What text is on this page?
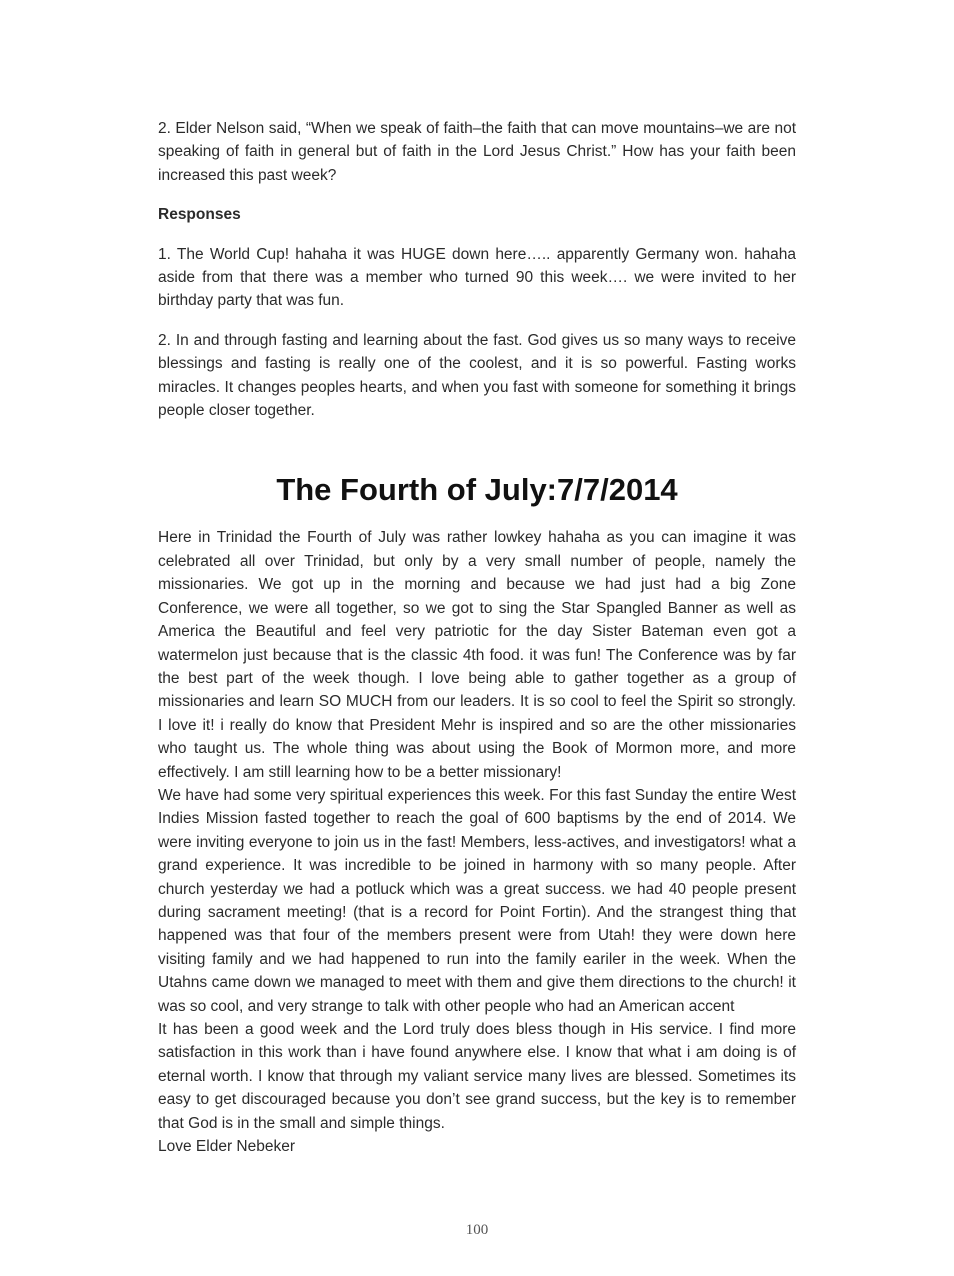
2. Elder Nelson said, “When we speak of faith–the faith that can move mountains–we are not speaking of faith in general but of faith in the Lord Jesus Christ.” How has your faith been increased this past week?

Responses

1. The World Cup! hahaha it was HUGE down here….. apparently Germany won. hahaha aside from that there was a member who turned 90 this week…. we were invited to her birthday party that was fun.

2. In and through fasting and learning about the fast. God gives us so many ways to receive blessings and fasting is really one of the coolest, and it is so powerful. Fasting works miracles. It changes peoples hearts, and when you fast with someone for something it brings people closer together.

The Fourth of July:7/7/2014

Here in Trinidad the Fourth of July was rather lowkey hahaha as you can imagine it was celebrated all over Trinidad, but only by a very small number of people, namely the missionaries. We got up in the morning and because we had just had a big Zone Conference, we were all together, so we got to sing the Star Spangled Banner as well as America the Beautiful and feel very patriotic for the day Sister Bateman even got a watermelon just because that is the classic 4th food. it was fun! The Conference was by far the best part of the week though. I love being able to gather together as a group of missionaries and learn SO MUCH from our leaders. It is so cool to feel the Spirit so strongly. I love it! i really do know that President Mehr is inspired and so are the other missionaries who taught us. The whole thing was about using the Book of Mormon more, and more effectively. I am still learning how to be a better missionary!

We have had some very spiritual experiences this week. For this fast Sunday the entire West Indies Mission fasted together to reach the goal of 600 baptisms by the end of 2014. We were inviting everyone to join us in the fast! Members, less-actives, and investigators! what a grand experience. It was incredible to be joined in harmony with so many people. After church yesterday we had a potluck which was a great success. we had 40 people present during sacrament meeting! (that is a record for Point Fortin). And the strangest thing that happened was that four of the members present were from Utah! they were down here visiting family and we had happened to run into the family eariler in the week. When the Utahns came down we managed to meet with them and give them directions to the church! it was so cool, and very strange to talk with other people who had an American accent

It has been a good week and the Lord truly does bless though in His service. I find more satisfaction in this work than i have found anywhere else. I know that what i am doing is of eternal worth. I know that through my valiant service many lives are blessed. Sometimes its easy to get discouraged because you don’t see grand success, but the key is to remember that God is in the small and simple things.

Love Elder Nebeker

100
